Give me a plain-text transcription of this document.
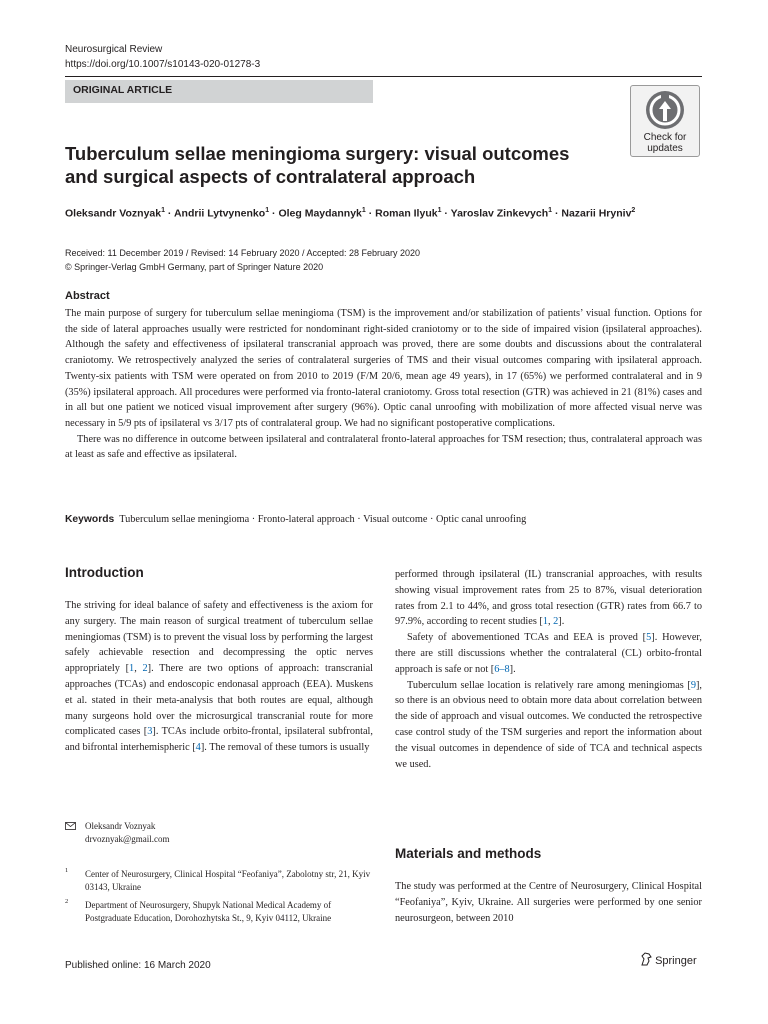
Neurosurgical Review
https://doi.org/10.1007/s10143-020-01278-3
ORIGINAL ARTICLE
Check for updates
Tuberculum sellae meningioma surgery: visual outcomes and surgical aspects of contralateral approach
Oleksandr Voznyak$^1$ · Andrii Lytvynenko$^1$ · Oleg Maydannyk$^1$ · Roman Ilyuk$^1$ · Yaroslav Zinkevych$^1$ · Nazarii Hryniv$^2$
Received: 11 December 2019 / Revised: 14 February 2020 / Accepted: 28 February 2020
© Springer-Verlag GmbH Germany, part of Springer Nature 2020
Abstract

The main purpose of surgery for tuberculum sellae meningioma (TSM) is the improvement and/or stabilization of patients’ visual function. Options for the side of lateral approaches usually were restricted for nondominant right-sided craniotomy or to the side of impaired vision (ipsilateral approaches). Although the safety and effectiveness of ipsilateral transcranial approach was proved, there are some doubts and discussions about the contralateral craniotomy. We retrospectively analyzed the series of contralateral surgeries of TMS and their visual outcomes comparing with ipsilateral approach. Twenty-six patients with TSM were operated on from 2010 to 2019 (F/M 20/6, mean age 49 years), in 17 (65%) we performed contralateral and in 9 (35%) ipsilateral approach. All procedures were performed via fronto-lateral craniotomy. Gross total resection (GTR) was achieved in 21 (81%) cases and in all but one patient we noticed visual improvement after surgery (96%). Optic canal unroofing with mobilization of more affected visual nerve was necessary in 5/9 pts of ipsilateral vs 3/17 pts of contralateral group. We had no significant postoperative complications.

There was no difference in outcome between ipsilateral and contralateral fronto-lateral approaches for TSM resection; thus, contralateral approach was at least as safe and effective as ipsilateral.

Keywords Tuberculum sellae meningioma · Fronto-lateral approach · Visual outcome · Optic canal unroofing
Introduction

The striving for ideal balance of safety and effectiveness is the axiom for any surgery. The main reason of surgical treatment of tuberculum sellae meningiomas (TSM) is to prevent the visual loss by performing the largest safely achievable resection and decompressing the optic nerves appropriately [1, 2]. There are two options of approach: transcranial approaches (TCAs) and endoscopic endonasal approach (EEA). Muskens et al. stated in their meta-analysis that both routes are equal, although many surgeons hold over the microsurgical transcranial route for more complicated cases [3]. TCAs include orbito-frontal, ipsilateral subfrontal, and bifrontal interhemispheric [4]. The removal of these tumors is usually

Oleksandr Voznyak
drvoznyak@gmail.com
1 Center of Neurosurgery, Clinical Hospital “Feofaniya”, Zabolotny str, 21, Kyiv 03143, Ukraine
2 Department of Neurosurgery, Shupyk National Medical Academy of Postgraduate Education, Dorohozhytska St., 9, Kyiv 04112, Ukraine

performed through ipsilateral (IL) transcranial approaches, with results showing visual improvement rates from 25 to 87%, visual deterioration rates from 2.1 to 44%, and gross total resection (GTR) rates from 66.7 to 97.9%, according to recent studies [1, 2].

Safety of abovementioned TCAs and EEA is proved [5]. However, there are still discussions whether the contralateral (CL) orbito-frontal approach is safe or not [6–8].

Tuberculum sellae location is relatively rare among meningiomas [9], so there is an obvious need to obtain more data about correlation between the side of approach and visual outcomes. We conducted the retrospective case control study of the TSM surgeries and report the information about the visual outcomes in dependence of side of TCA and technical aspects we used.

Materials and methods

The study was performed at the Centre of Neurosurgery, Clinical Hospital “Feofaniya”, Kyiv, Ukraine. All surgeries were performed by one senior neurosurgeon, between 2010

Published online: 16 March 2020	Springer
